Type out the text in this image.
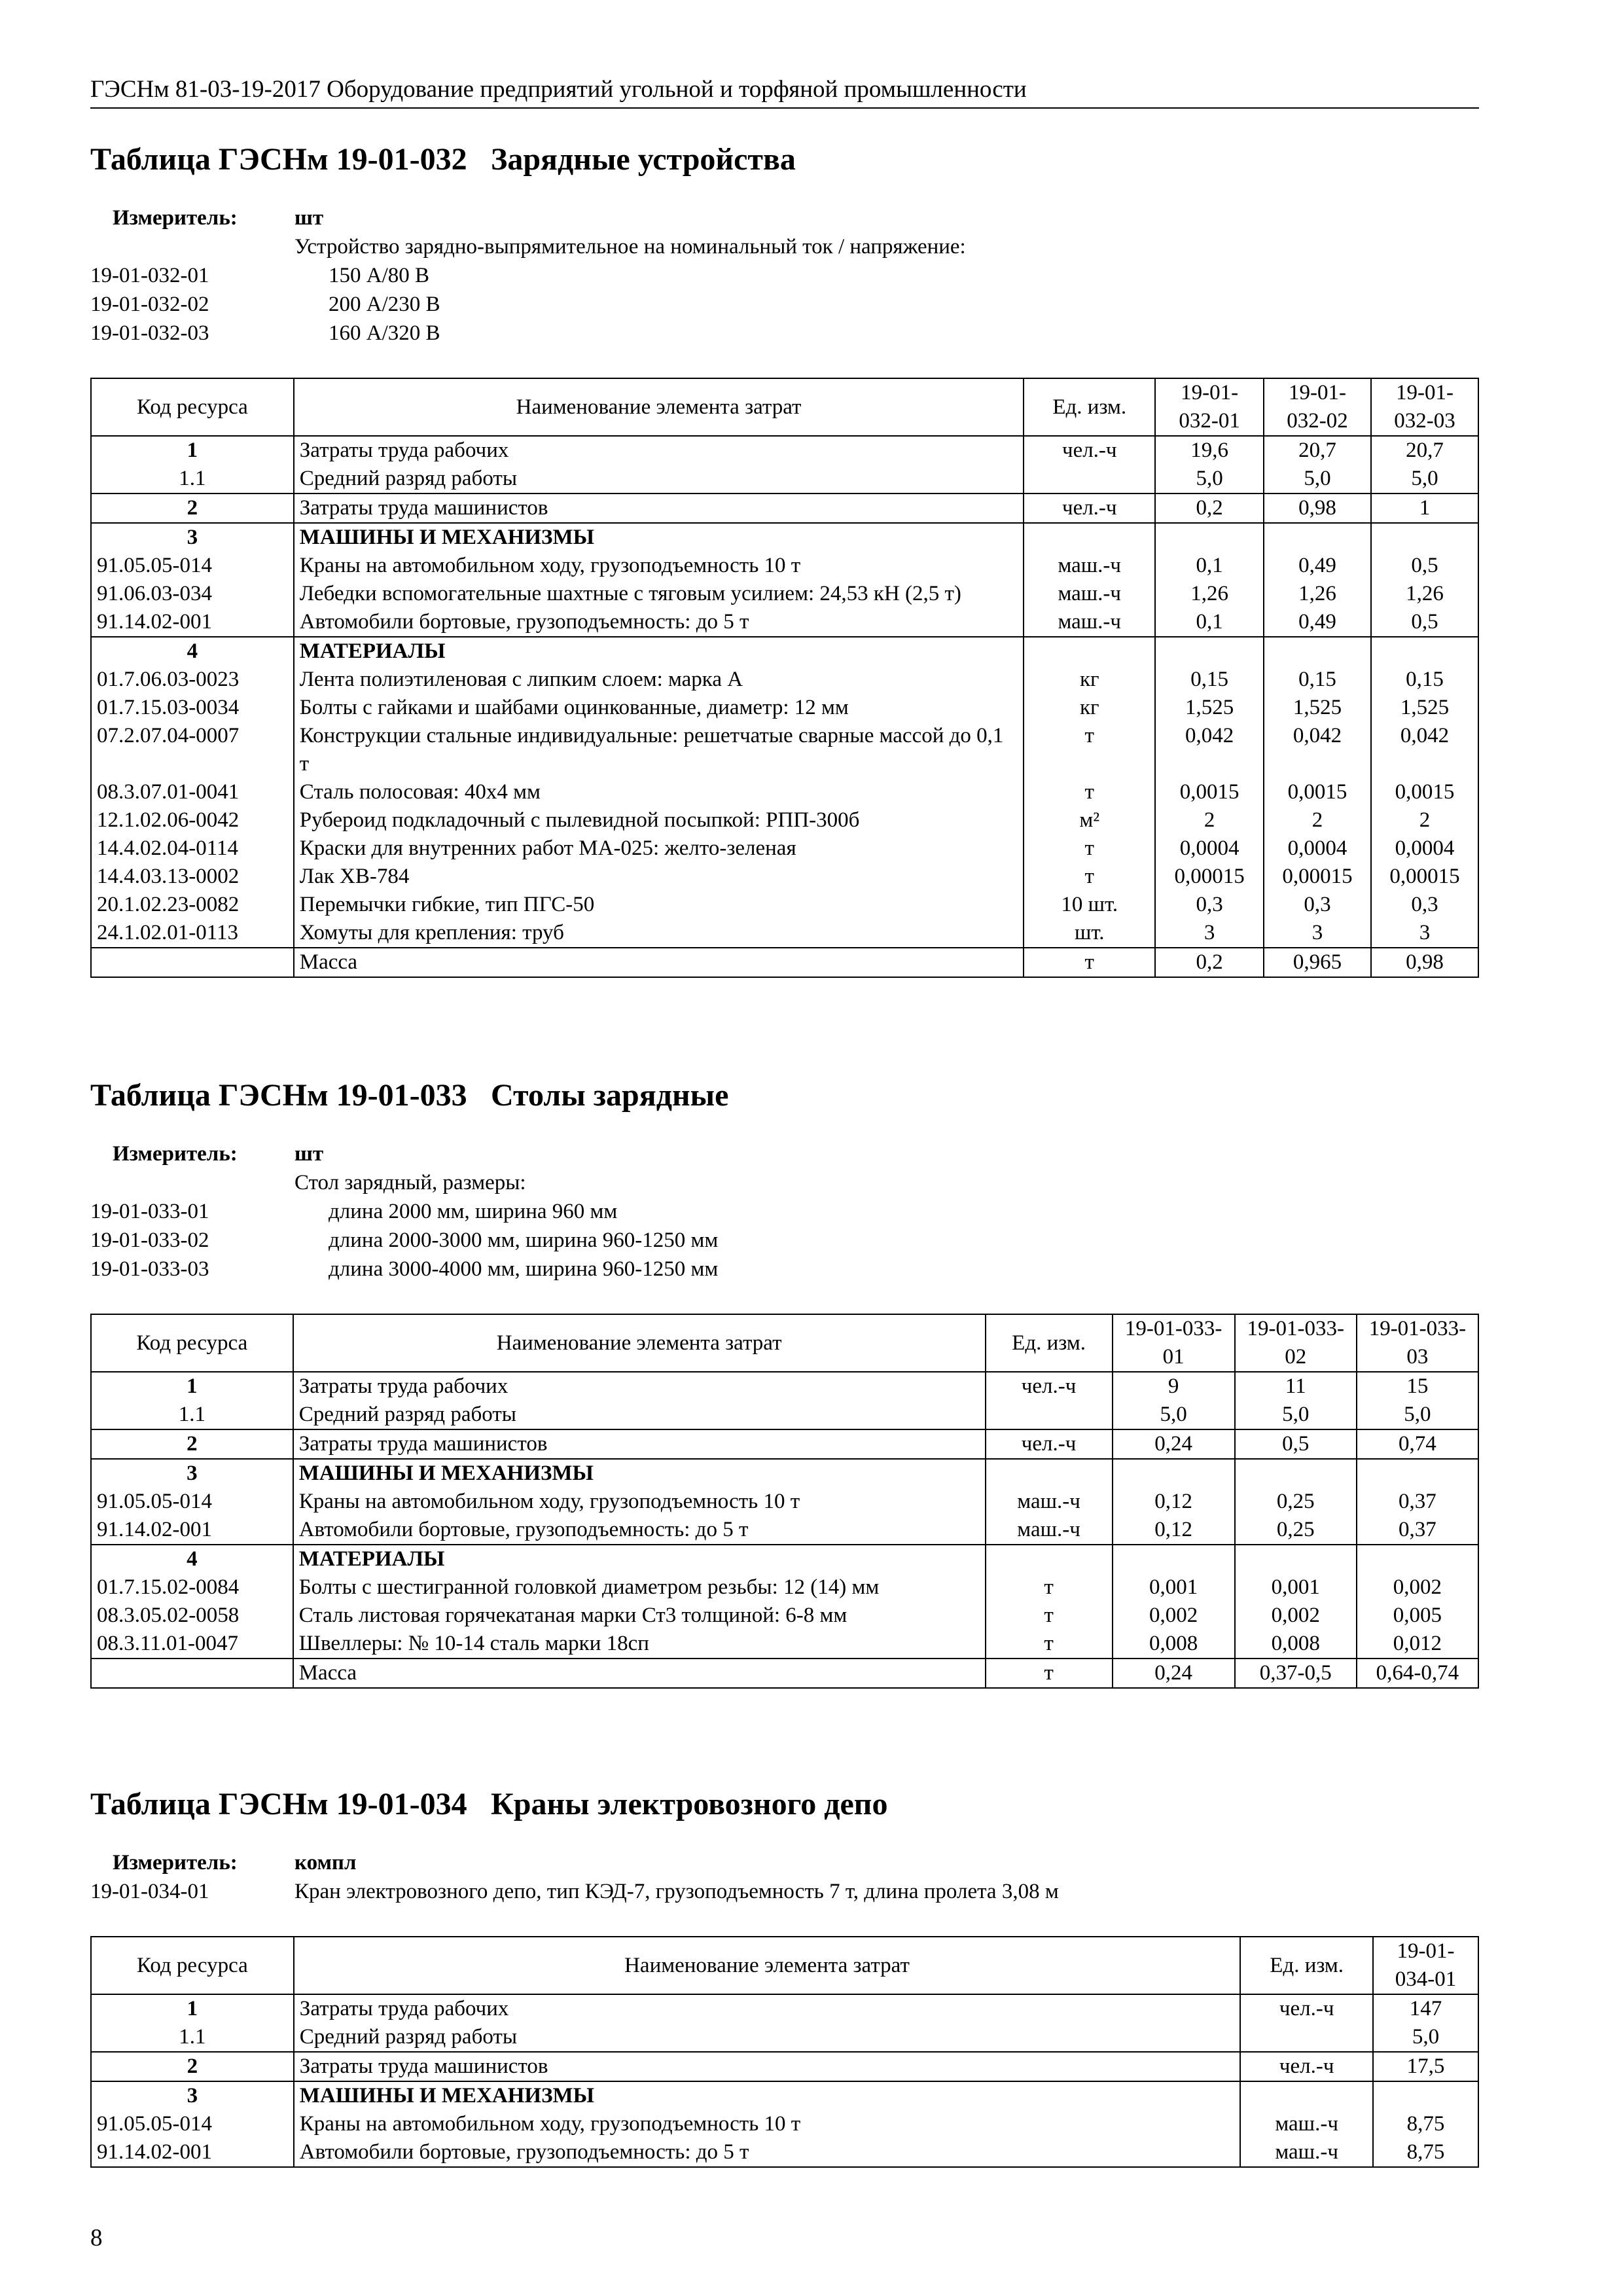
ГЭСНм 81-03-19-2017 Оборудование предприятий угольной и торфяной промышленности
Таблица ГЭСНм 19-01-032 Зарядные устройства
Измеритель:	шт
Устройство зарядно-выпрямительное на номинальный ток / напряжение:
19-01-032-01	150 А/80 В
19-01-032-02	200 А/230 В
19-01-032-03	160 А/320 В
Код ресурса	Наименование элемента затрат	Ед. изм.	19-01-032-01	19-01-032-02	19-01-032-03
1	Затраты труда рабочих	чел.-ч	19,6	20,7	20,7
1.1	Средний разряд работы		5,0	5,0	5,0
2	Затраты труда машинистов	чел.-ч	0,2	0,98	1
3	МАШИНЫ И МЕХАНИЗМЫ				
91.05.05-014	Краны на автомобильном ходу, грузоподъемность 10 т	маш.-ч	0,1	0,49	0,5
91.06.03-034	Лебедки вспомогательные шахтные с тяговым усилием: 24,53 кН (2,5 т)	маш.-ч	1,26	1,26	1,26
91.14.02-001	Автомобили бортовые, грузоподъемность: до 5 т	маш.-ч	0,1	0,49	0,5
4	МАТЕРИАЛЫ				
01.7.06.03-0023	Лента полиэтиленовая с липким слоем: марка А	кг	0,15	0,15	0,15
01.7.15.03-0034	Болты с гайками и шайбами оцинкованные, диаметр: 12 мм	кг	1,525	1,525	1,525
07.2.07.04-0007	Конструкции стальные индивидуальные: решетчатые сварные массой до 0,1 т	т	0,042	0,042	0,042
08.3.07.01-0041	Сталь полосовая: 40х4 мм	т	0,0015	0,0015	0,0015
12.1.02.06-0042	Рубероид подкладочный с пылевидной посыпкой: РПП-300б	м²	2	2	2
14.4.02.04-0114	Краски для внутренних работ МА-025: желто-зеленая	т	0,0004	0,0004	0,0004
14.4.03.13-0002	Лак ХВ-784	т	0,00015	0,00015	0,00015
20.1.02.23-0082	Перемычки гибкие, тип ПГС-50	10 шт.	0,3	0,3	0,3
24.1.02.01-0113	Хомуты для крепления: труб	шт.	3	3	3
	Масса	т	0,2	0,965	0,98
Таблица ГЭСНм 19-01-033 Столы зарядные
Измеритель:	шт
Стол зарядный, размеры:
19-01-033-01	длина 2000 мм, ширина 960 мм
19-01-033-02	длина 2000-3000 мм, ширина 960-1250 мм
19-01-033-03	длина 3000-4000 мм, ширина 960-1250 мм
Код ресурса	Наименование элемента затрат	Ед. изм.	19-01-033-01	19-01-033-02	19-01-033-03
1	Затраты труда рабочих	чел.-ч	9	11	15
1.1	Средний разряд работы		5,0	5,0	5,0
2	Затраты труда машинистов	чел.-ч	0,24	0,5	0,74
3	МАШИНЫ И МЕХАНИЗМЫ				
91.05.05-014	Краны на автомобильном ходу, грузоподъемность 10 т	маш.-ч	0,12	0,25	0,37
91.14.02-001	Автомобили бортовые, грузоподъемность: до 5 т	маш.-ч	0,12	0,25	0,37
4	МАТЕРИАЛЫ				
01.7.15.02-0084	Болты с шестигранной головкой диаметром резьбы: 12 (14) мм	т	0,001	0,001	0,002
08.3.05.02-0058	Сталь листовая горячекатаная марки Ст3 толщиной: 6-8 мм	т	0,002	0,002	0,005
08.3.11.01-0047	Швеллеры: № 10-14 сталь марки 18сп	т	0,008	0,008	0,012
	Масса	т	0,24	0,37-0,5	0,64-0,74
Таблица ГЭСНм 19-01-034 Краны электровозного депо
Измеритель:	компл
19-01-034-01	Кран электровозного депо, тип КЭД-7, грузоподъемность 7 т, длина пролета 3,08 м
Код ресурса	Наименование элемента затрат	Ед. изм.	19-01-034-01
1	Затраты труда рабочих	чел.-ч	147
1.1	Средний разряд работы		5,0
2	Затраты труда машинистов	чел.-ч	17,5
3	МАШИНЫ И МЕХАНИЗМЫ		
91.05.05-014	Краны на автомобильном ходу, грузоподъемность 10 т	маш.-ч	8,75
91.14.02-001	Автомобили бортовые, грузоподъемность: до 5 т	маш.-ч	8,75
8
